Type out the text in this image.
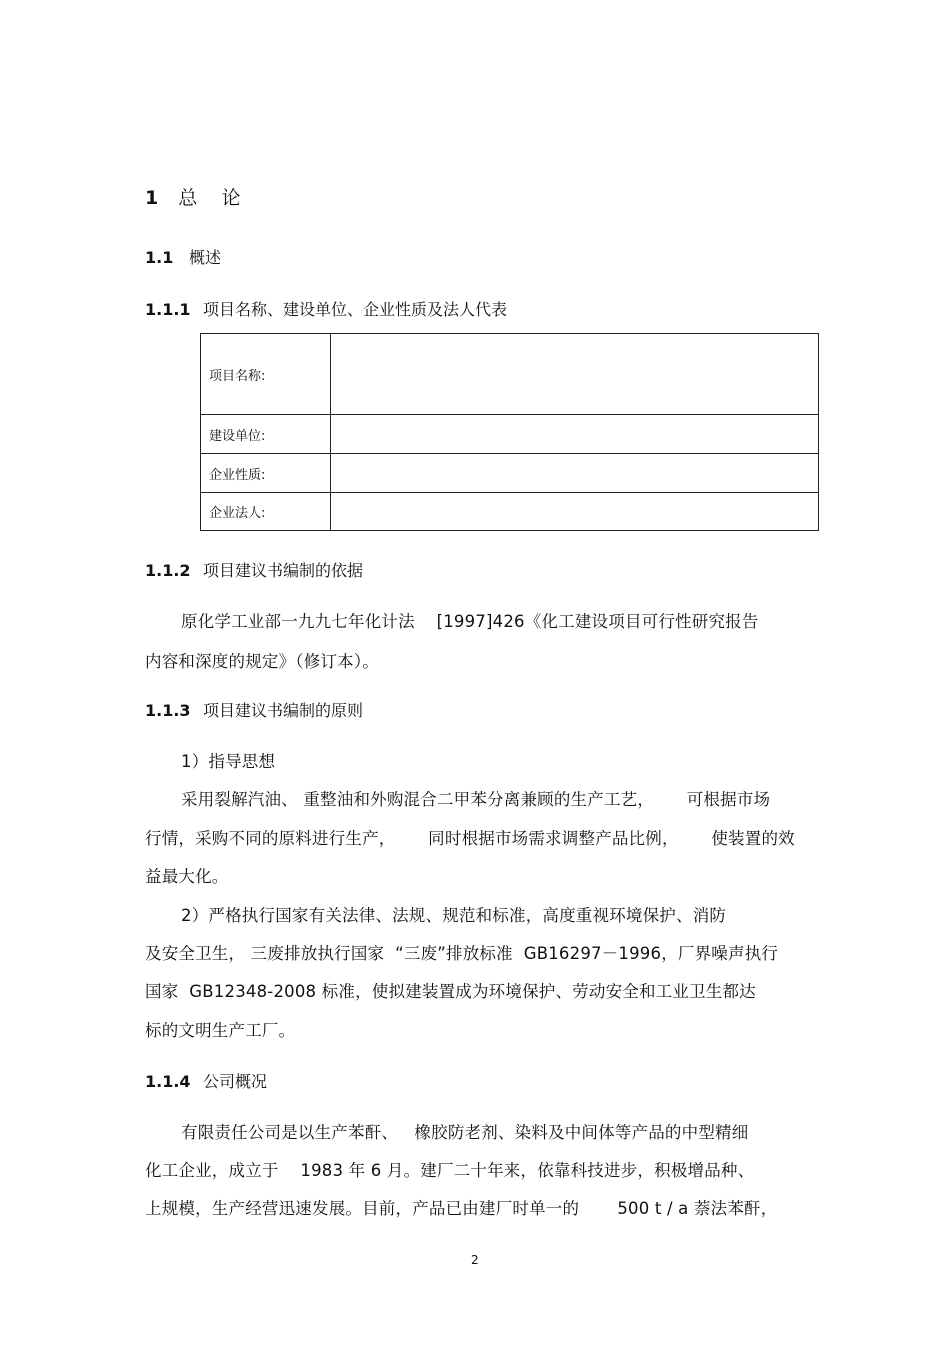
1 总    论
1.1 概述
1.1.1 项目名称、建设单位、企业性质及法人代表
项目名称:	
建设单位:	
企业性质:	
企业法人:	
1.1.2 项目建议书编制的依据
原化学工业部一九九七年化计法    [1997]426《化工建设项目可行性研究报告
内容和深度的规定》（修订本）。
1.1.3 项目建议书编制的原则
1）指导思想
采用裂解汽油、 重整油和外购混合二甲苯分离兼顾的生产工艺，      可根据市场
行情，采购不同的原料进行生产，      同时根据市场需求调整产品比例，      使装置的效
益最大化。
2）严格执行国家有关法律、法规、规范和标准，高度重视环境保护、消防
及安全卫生， 三废排放执行国家  “三废”排放标准  GB16297－1996，厂界噪声执行
国家  GB12348-2008 标准，使拟建装置成为环境保护、劳动安全和工业卫生都达
标的文明生产工厂。
1.1.4 公司概况
有限责任公司是以生产苯酐、   橡胶防老剂、染料及中间体等产品的中型精细
化工企业，成立于    1983 年 6 月。建厂二十年来，依靠科技进步，积极增品种、
上规模，生产经营迅速发展。目前，产品已由建厂时单一的       500 t / a 萘法苯酐，
2
